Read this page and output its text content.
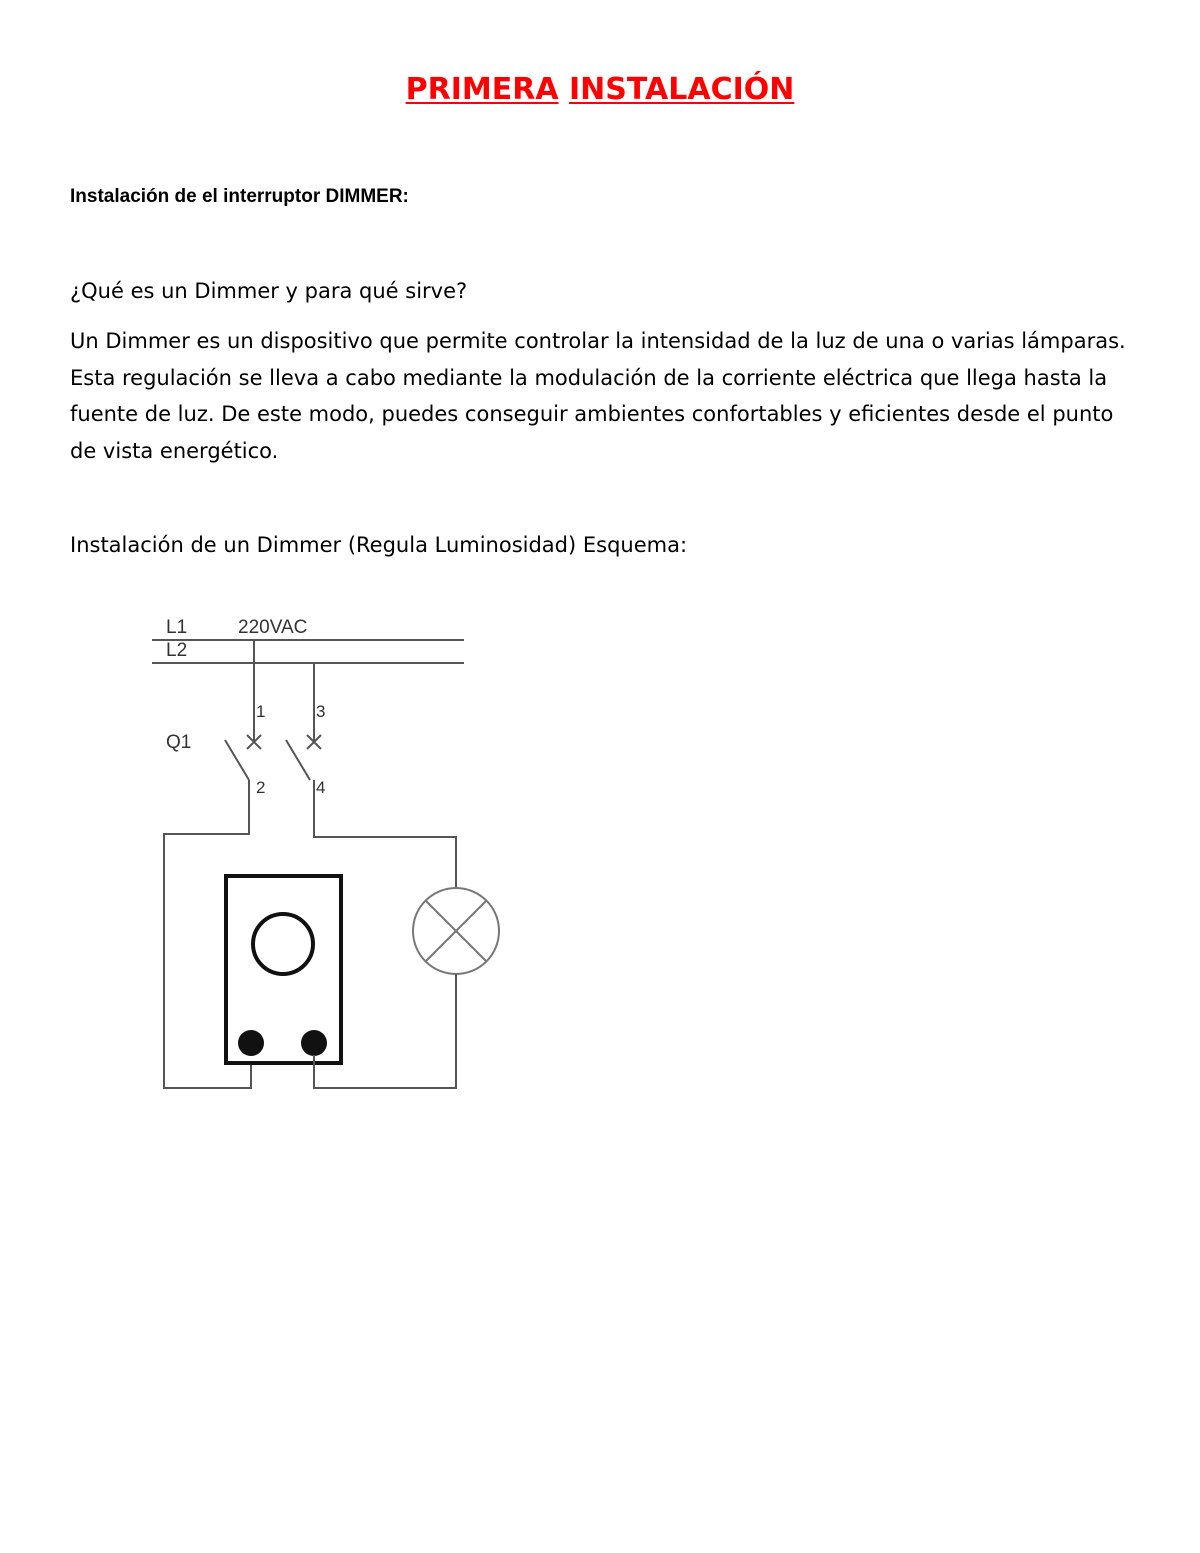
PRIMERA INSTALACIÓN

Instalación de el interruptor DIMMER:

¿Qué es un Dimmer y para qué sirve?

Un Dimmer es un dispositivo que permite controlar la intensidad de la luz de una o varias lámparas. Esta regulación se lleva a cabo mediante la modulación de la corriente eléctrica que llega hasta la fuente de luz. De este modo, puedes conseguir ambientes confortables y eficientes desde el punto de vista energético.

Instalación de un Dimmer (Regula Luminosidad) Esquema:

L1
L2
220VAC
Q1
1	3
2	4
